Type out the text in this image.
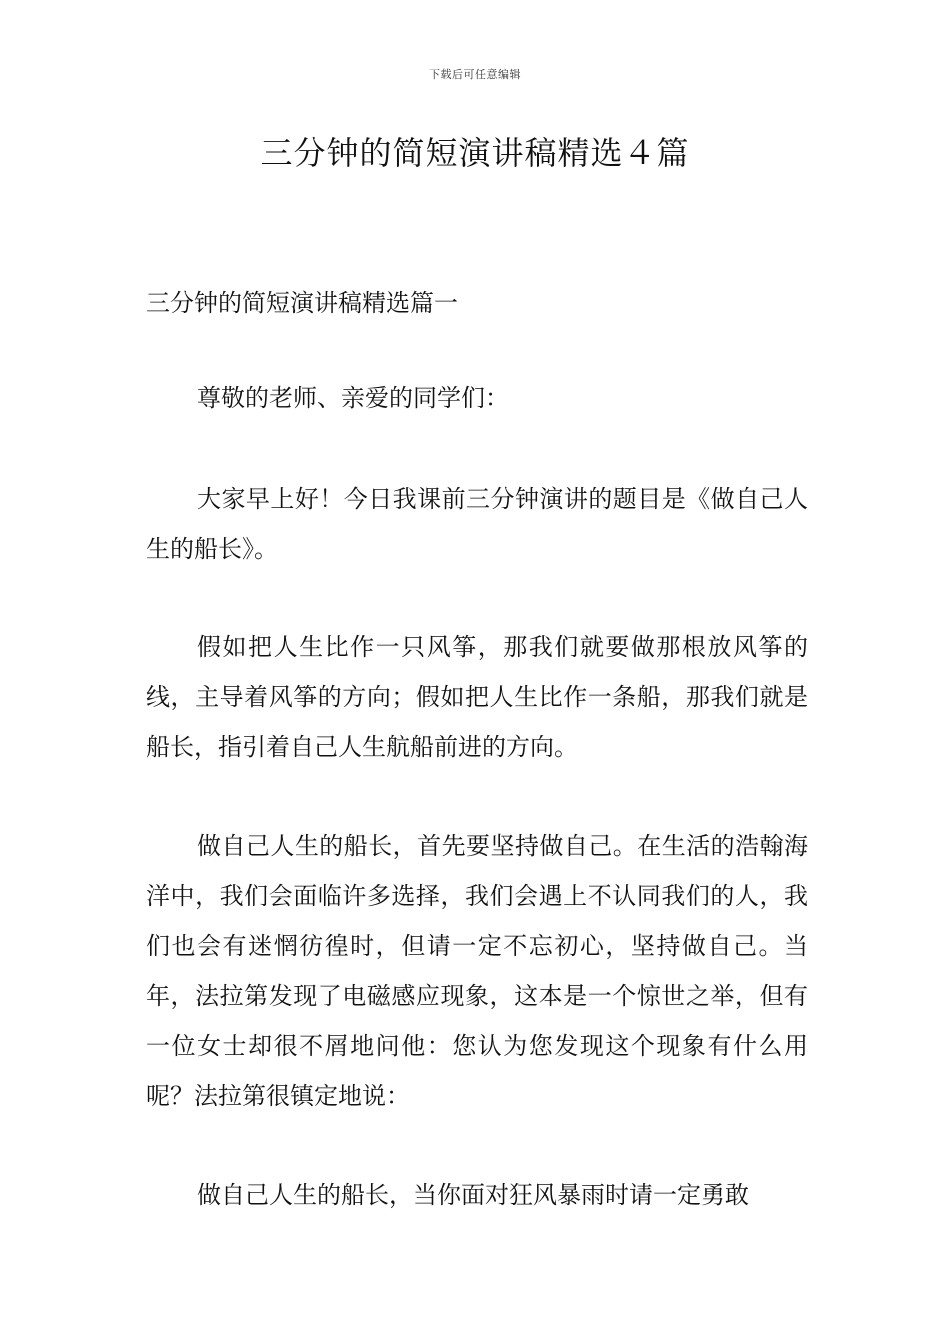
下载后可任意编辑
三分钟的简短演讲稿精选４篇
三分钟的简短演讲稿精选篇一

尊敬的老师、亲爱的同学们：

大家早上好！今日我课前三分钟演讲的题目是《做自己人生的船长》。

假如把人生比作一只风筝，那我们就要做那根放风筝的线，主导着风筝的方向；假如把人生比作一条船，那我们就是船长，指引着自己人生航船前进的方向。

做自己人生的船长，首先要坚持做自己。在生活的浩翰海洋中，我们会面临许多选择，我们会遇上不认同我们的人，我们也会有迷惘彷徨时，但请一定不忘初心，坚持做自己。当年，法拉第发现了电磁感应现象，这本是一个惊世之举，但有一位女士却很不屑地问他：您认为您发现这个现象有什么用呢？法拉第很镇定地说：

做自己人生的船长，当你面对狂风暴雨时请一定勇敢
